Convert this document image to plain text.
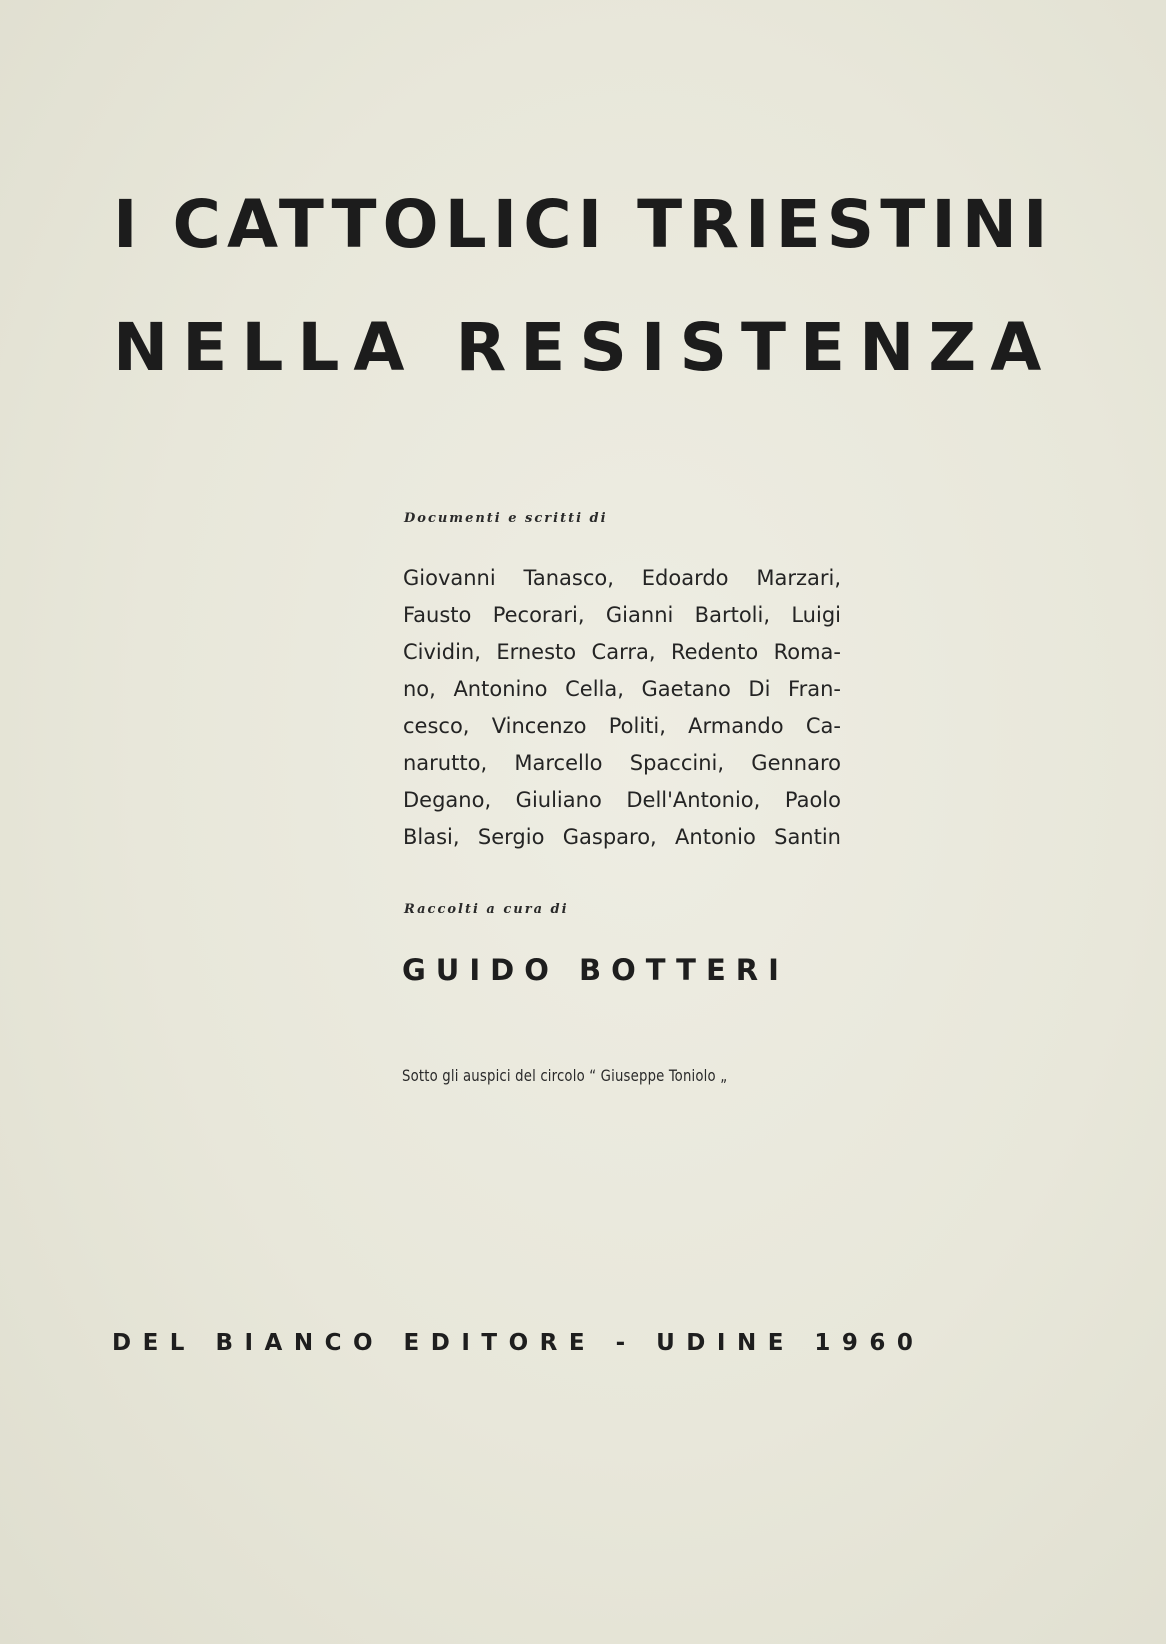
I CATTOLICI TRIESTINI
NELLA RESISTENZA

Documenti e scritti di

Giovanni Tanasco, Edoardo Marzari,
Fausto Pecorari, Gianni Bartoli, Luigi
Cividin, Ernesto Carra, Redento Roma-
no, Antonino Cella, Gaetano Di Fran-
cesco, Vincenzo Politi, Armando Ca-
narutto, Marcello Spaccini, Gennaro
Degano, Giuliano Dell'Antonio, Paolo
Blasi, Sergio Gasparo, Antonio Santin

Raccolti a cura di

GUIDO BOTTERI

Sotto gli auspici del circolo “ Giuseppe Toniolo „

DEL BIANCO EDITORE - UDINE 1960
